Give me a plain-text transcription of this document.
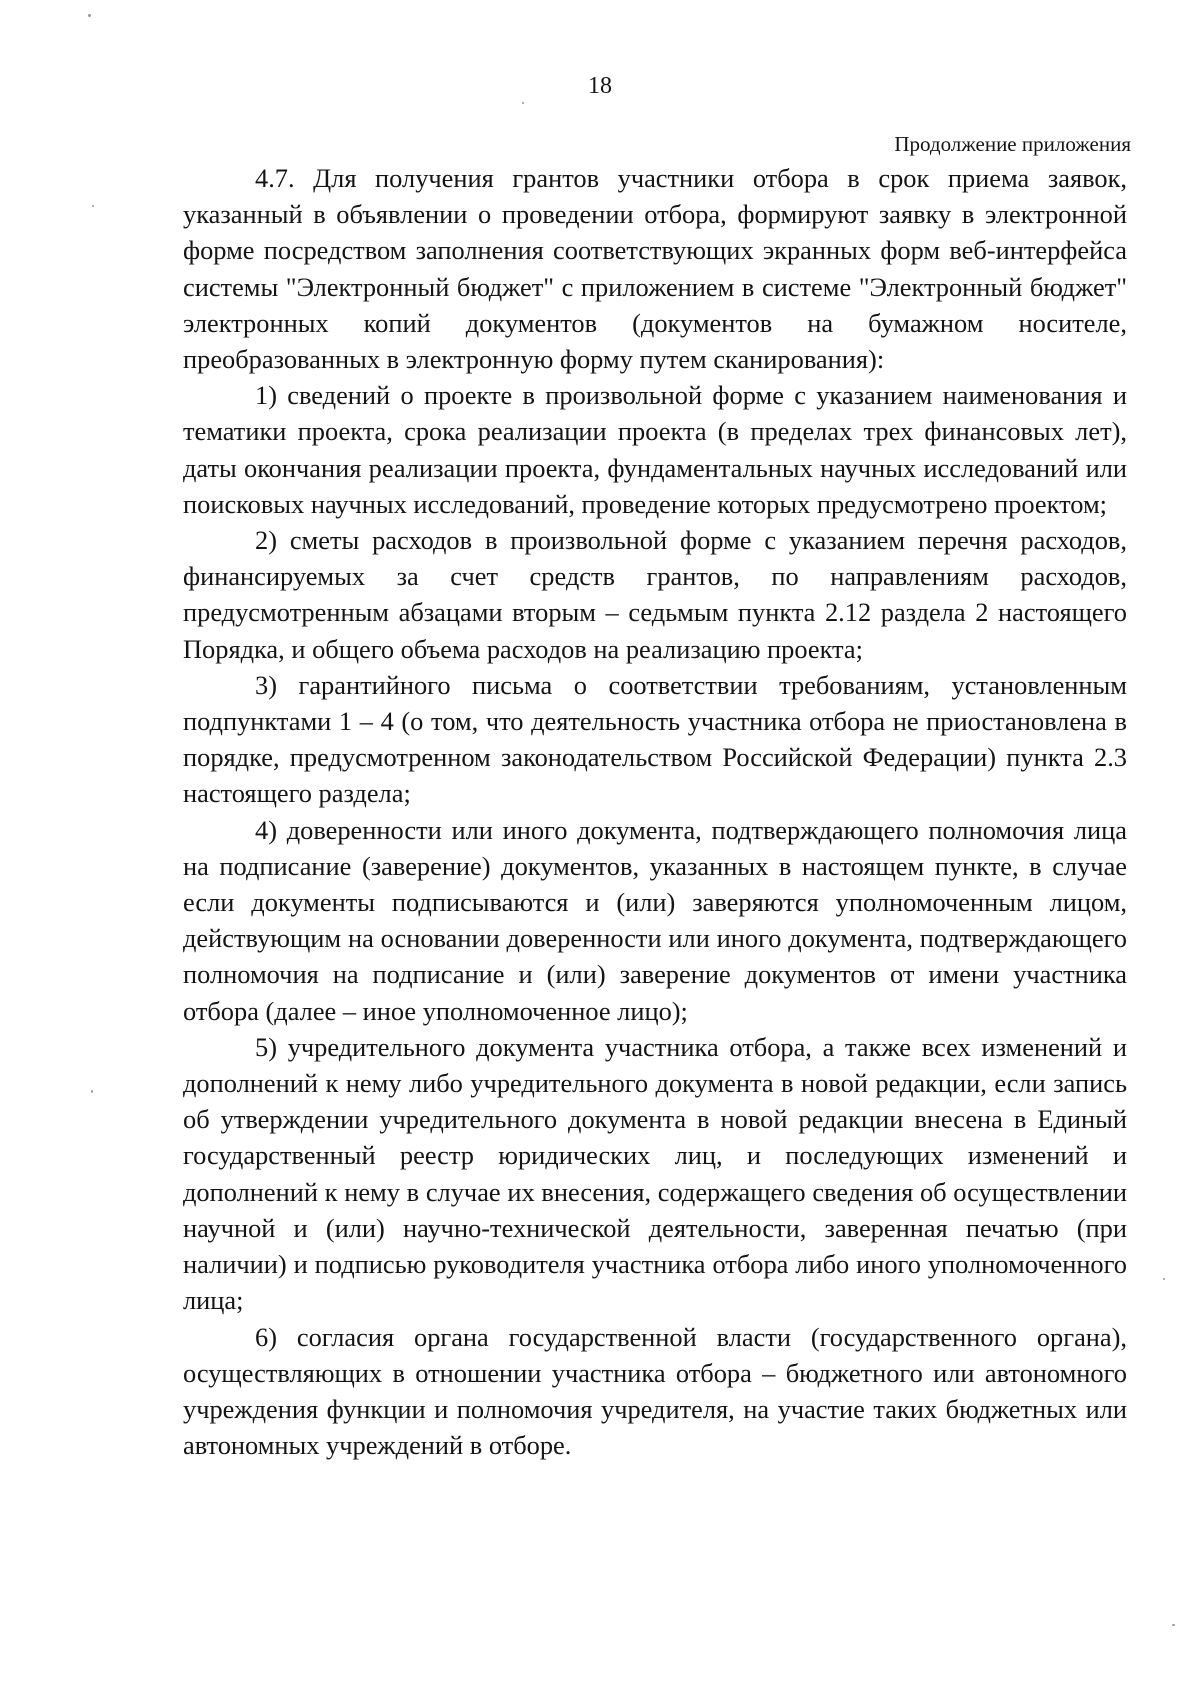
18
Продолжение приложения

4.7. Для получения грантов участники отбора в срок приема заявок, указанный в объявлении о проведении отбора, формируют заявку в электронной форме посредством заполнения соответствующих экранных форм веб-интерфейса системы "Электронный бюджет" с приложением в системе "Электронный бюджет" электронных копий документов (документов на бумажном носителе, преобразованных в электронную форму путем сканирования):

1) сведений о проекте в произвольной форме с указанием наименования и тематики проекта, срока реализации проекта (в пределах трех финансовых лет), даты окончания реализации проекта, фундаментальных научных исследований или поисковых научных исследований, проведение которых предусмотрено проектом;

2) сметы расходов в произвольной форме с указанием перечня расходов, финансируемых за счет средств грантов, по направлениям расходов, предусмотренным абзацами вторым – седьмым пункта 2.12 раздела 2 настоящего Порядка, и общего объема расходов на реализацию проекта;

3) гарантийного письма о соответствии требованиям, установленным подпунктами 1 – 4 (о том, что деятельность участника отбора не приостановлена в порядке, предусмотренном законодательством Российской Федерации) пункта 2.3 настоящего раздела;

4) доверенности или иного документа, подтверждающего полномочия лица на подписание (заверение) документов, указанных в настоящем пункте, в случае если документы подписываются и (или) заверяются уполномоченным лицом, действующим на основании доверенности или иного документа, подтверждающего полномочия на подписание и (или) заверение документов от имени участника отбора (далее – иное уполномоченное лицо);

5) учредительного документа участника отбора, а также всех изменений и дополнений к нему либо учредительного документа в новой редакции, если запись об утверждении учредительного документа в новой редакции внесена в Единый государственный реестр юридических лиц, и последующих изменений и дополнений к нему в случае их внесения, содержащего сведения об осуществлении научной и (или) научно-технической деятельности, заверенная печатью (при наличии) и подписью руководителя участника отбора либо иного уполномоченного лица;

6) согласия органа государственной власти (государственного органа), осуществляющих в отношении участника отбора – бюджетного или автономного учреждения функции и полномочия учредителя, на участие таких бюджетных или автономных учреждений в отборе.
